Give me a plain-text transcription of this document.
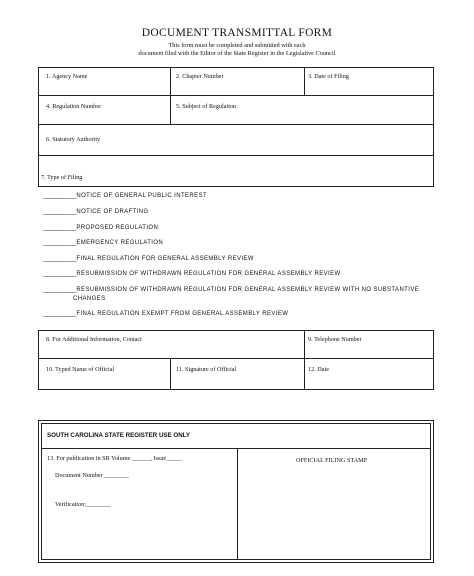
DOCUMENT TRANSMITTAL FORM
This form must be completed and submitted with each
document filed with the Editor of the State Register in the Legislative Council
1. Agency Name	2. Chapter Number	3. Date of Filing
4. Regulation Number	5. Subject of Regulation
6. Statutory Authority
7. Type of Filing
__________NOTICE OF GENERAL PUBLIC INTEREST
__________NOTICE OF DRAFTING
__________PROPOSED REGULATION
__________EMERGENCY REGULATION
__________FINAL REGULATION FOR GENERAL ASSEMBLY REVIEW
__________RESUBMISSION OF WITHDRAWN REGULATION FOR GENERAL ASSEMBLY REVIEW
__________RESUBMISSION OF WITHDRAWN REGULATION FOR GENERAL ASSEMBLY REVIEW WITH NO SUBSTANTIVE
CHANGES
__________FINAL REGULATION EXEMPT FROM GENERAL ASSEMBLY REVIEW
8. For Additional Information, Contact	9. Telephone Number
10. Typed Name of Official	11. Signature of Official	12. Date
SOUTH CAROLINA STATE REGISTER USE ONLY
13. For publication in SR Volume ______, Issue_____
Document Number ________
Verification:________
OFFICIAL FILING STAMP
